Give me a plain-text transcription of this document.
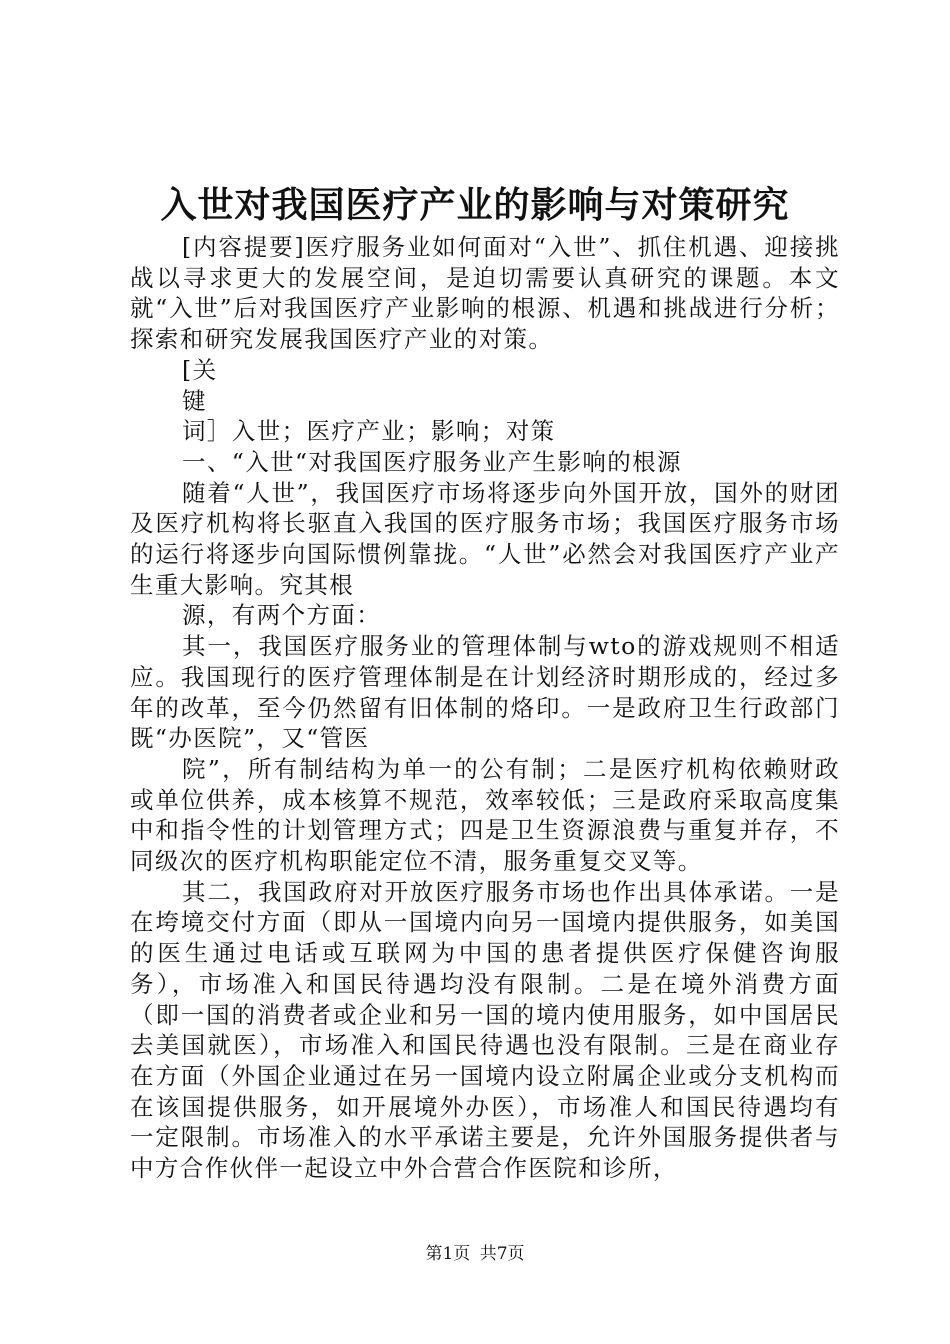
入世对我国医疗产业的影响与对策研究

[内容提要]医疗服务业如何面对“入世”、抓住机遇、迎接挑战以寻求更大的发展空间，是迫切需要认真研究的课题。本文就“入世”后对我国医疗产业影响的根源、机遇和挑战进行分析；探索和研究发展我国医疗产业的对策。

[关

键

词］入世；医疗产业；影响；对策

一、“入世“对我国医疗服务业产生影响的根源

随着“人世”，我国医疗市场将逐步向外国开放，国外的财团及医疗机构将长驱直入我国的医疗服务市场；我国医疗服务市场的运行将逐步向国际惯例靠拢。“人世”必然会对我国医疗产业产生重大影响。究其根

源，有两个方面：

其一，我国医疗服务业的管理体制与wto的游戏规则不相适应。我国现行的医疗管理体制是在计划经济时期形成的，经过多年的改革，至今仍然留有旧体制的烙印。一是政府卫生行政部门既“办医院”，又“管医

院”，所有制结构为单一的公有制；二是医疗机构依赖财政或单位供养，成本核算不规范，效率较低；三是政府采取高度集中和指令性的计划管理方式；四是卫生资源浪费与重复并存，不同级次的医疗机构职能定位不清，服务重复交叉等。

其二，我国政府对开放医疗服务市场也作出具体承诺。一是在垮境交付方面（即从一国境内向另一国境内提供服务，如美国的医生通过电话或互联网为中国的患者提供医疗保健咨询服务），市场准入和国民待遇均没有限制。二是在境外消费方面（即一国的消费者或企业和另一国的境内使用服务，如中国居民去美国就医），市场准入和国民待遇也没有限制。三是在商业存在方面（外国企业通过在另一国境内设立附属企业或分支机构而在该国提供服务，如开展境外办医），市场准人和国民待遇均有一定限制。市场准入的水平承诺主要是，允许外国服务提供者与中方合作伙伴一起设立中外合营合作医院和诊所，

第1页 共7页
